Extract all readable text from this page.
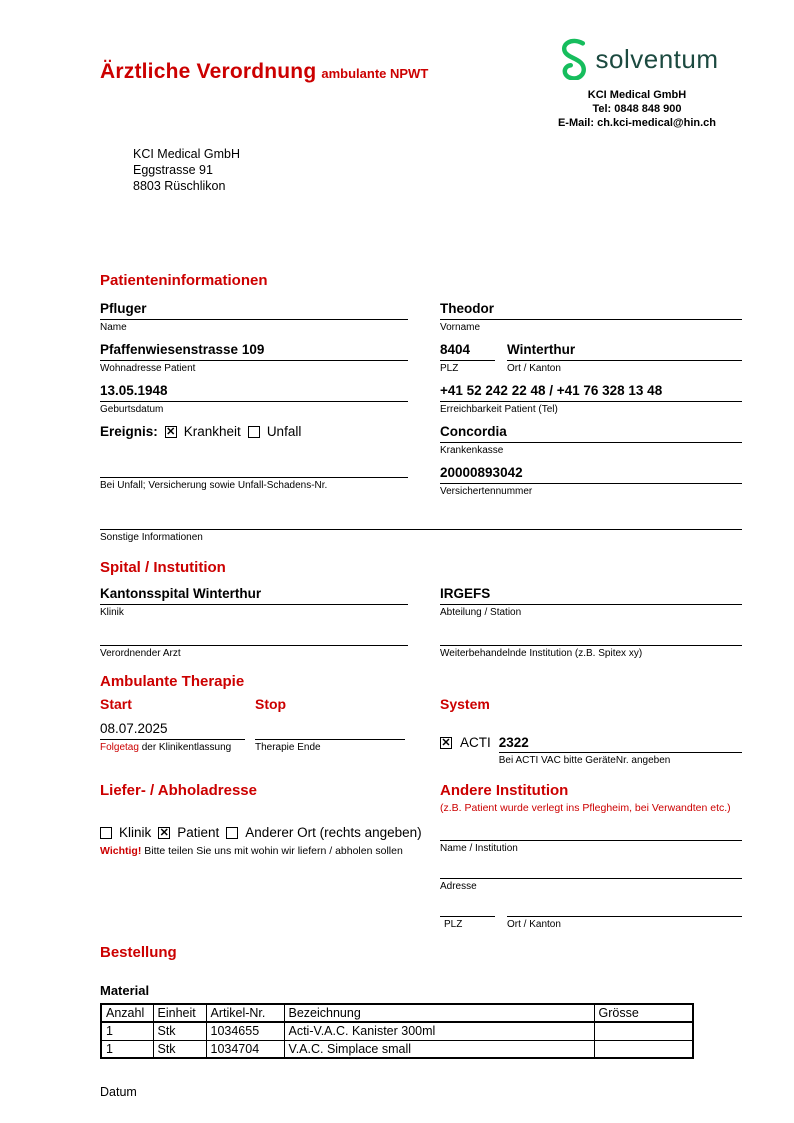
Ärztliche Verordnung ambulante NPWT	solventum
KCI Medical GmbH
Tel: 0848 848 900
E-Mail: ch.kci-medical@hin.ch
KCI Medical GmbH
Eggstrasse 91
8803 Rüschlikon
Patienteninformationen
Pfluger
Name
Theodor
Vorname
Pfaffenwiesenstrasse 109
Wohnadresse Patient
8404
PLZ
Winterthur
Ort / Kanton
13.05.1948
Geburtsdatum
+41 52 242 22 48 / +41 76 328 13 48
Erreichbarkeit Patient (Tel)
Ereignis: ✕ Krankheit Unfall
Bei Unfall; Versicherung sowie Unfall-Schadens-Nr.
Concordia
Krankenkasse
20000893042
Versichertennummer
Sonstige Informationen
Spital / Instutition
Kantonsspital Winterthur
Klinik
IRGEFS
Abteilung / Station
Verordnender Arzt	Weiterbehandelnde Institution (z.B. Spitex xy)
Ambulante Therapie
Start
08.07.2025
Folgetag der Klinikentlassung
Stop
Therapie Ende
System
✕ ACTI 2322
Bei ACTI VAC bitte GeräteNr. angeben
Liefer- / Abholadresse
Klinik ✕ Patient Anderer Ort (rechts angeben)
Wichtig! Bitte teilen Sie uns mit wohin wir liefern / abholen sollen
Andere Institution
(z.B. Patient wurde verlegt ins Pflegheim, bei Verwandten etc.)
Name / Institution
Adresse
PLZ	Ort / Kanton
Bestellung
Material
Anzahl	Einheit	Artikel-Nr.	Bezeichnung	Grösse
1	Stk	1034655	Acti-V.A.C. Kanister 300ml	
1	Stk	1034704	V.A.C. Simplace small	
Datum
